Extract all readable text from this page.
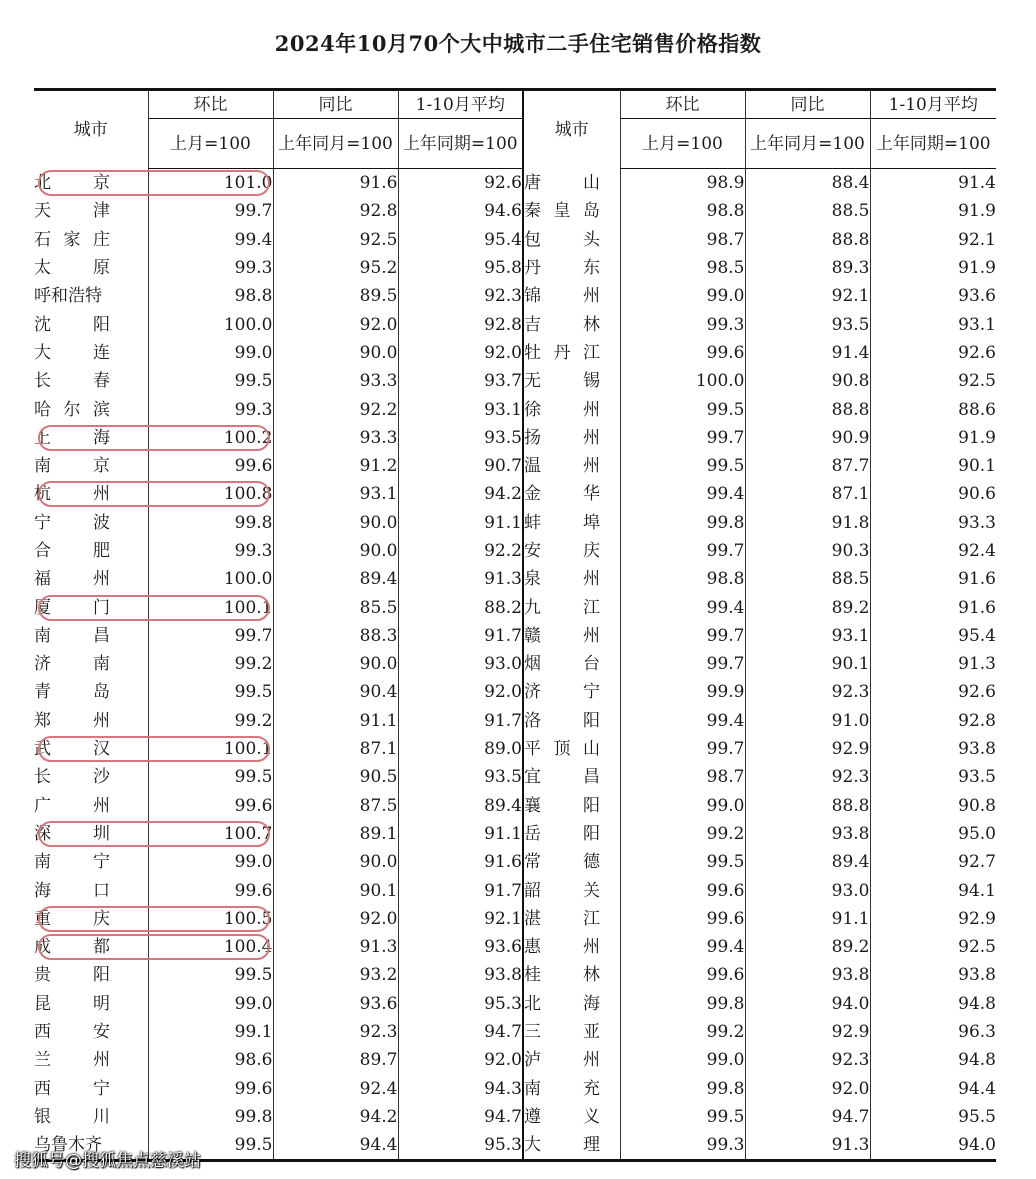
2024年10月70个大中城市二手住宅销售价格指数
城市	环比	同比	1-10月平均	城市	环比	同比	1-10月平均
	上月=100	上年同月=100	上年同期=100		上月=100	上年同月=100	上年同期=100

北 京	101.0	91.6	92.6	唐 山	98.9	88.4	91.4

天 津	99.7	92.8	94.6	秦 皇 岛	98.8	88.5	91.9

石 家 庄	99.4	92.5	95.4	包 头	98.7	88.8	92.1

太 原	99.3	95.2	95.8	丹 东	98.5	89.3	91.9

呼 和 浩 特	98.8	89.5	92.3	锦 州	99.0	92.1	93.6

沈 阳	100.0	92.0	92.8	吉 林	99.3	93.5	93.1

大 连	99.0	90.0	92.0	牡 丹 江	99.6	91.4	92.6

长 春	99.5	93.3	93.7	无 锡	100.0	90.8	92.5

哈 尔 滨	99.3	92.2	93.1	徐 州	99.5	88.8	88.6

上 海	100.2	93.3	93.5	扬 州	99.7	90.9	91.9

南 京	99.6	91.2	90.7	温 州	99.5	87.7	90.1

杭 州	100.8	93.1	94.2	金 华	99.4	87.1	90.6

宁 波	99.8	90.0	91.1	蚌 埠	99.8	91.8	93.3

合 肥	99.3	90.0	92.2	安 庆	99.7	90.3	92.4

福 州	100.0	89.4	91.3	泉 州	98.8	88.5	91.6

厦 门	100.1	85.5	88.2	九 江	99.4	89.2	91.6

南 昌	99.7	88.3	91.7	赣 州	99.7	93.1	95.4

济 南	99.2	90.0	93.0	烟 台	99.7	90.1	91.3

青 岛	99.5	90.4	92.0	济 宁	99.9	92.3	92.6

郑 州	99.2	91.1	91.7	洛 阳	99.4	91.0	92.8

武 汉	100.1	87.1	89.0	平 顶 山	99.7	92.9	93.8

长 沙	99.5	90.5	93.5	宜 昌	98.7	92.3	93.5

广 州	99.6	87.5	89.4	襄 阳	99.0	88.8	90.8

深 圳	100.7	89.1	91.1	岳 阳	99.2	93.8	95.0

南 宁	99.0	90.0	91.6	常 德	99.5	89.4	92.7

海 口	99.6	90.1	91.7	韶 关	99.6	93.0	94.1

重 庆	100.5	92.0	92.1	湛 江	99.6	91.1	92.9

成 都	100.4	91.3	93.6	惠 州	99.4	89.2	92.5

贵 阳	99.5	93.2	93.8	桂 林	99.6	93.8	93.8

昆 明	99.0	93.6	95.3	北 海	99.8	94.0	94.8

西 安	99.1	92.3	94.7	三 亚	99.2	92.9	96.3

兰 州	98.6	89.7	92.0	泸 州	99.0	92.3	94.8

西 宁	99.6	92.4	94.3	南 充	99.8	92.0	94.4

银 川	99.8	94.2	94.7	遵 义	99.5	94.7	95.5

乌 鲁 木 齐	99.5	94.4	95.3	大 理	99.3	91.3	94.0
搜狐号@搜狐焦点慈溪站
